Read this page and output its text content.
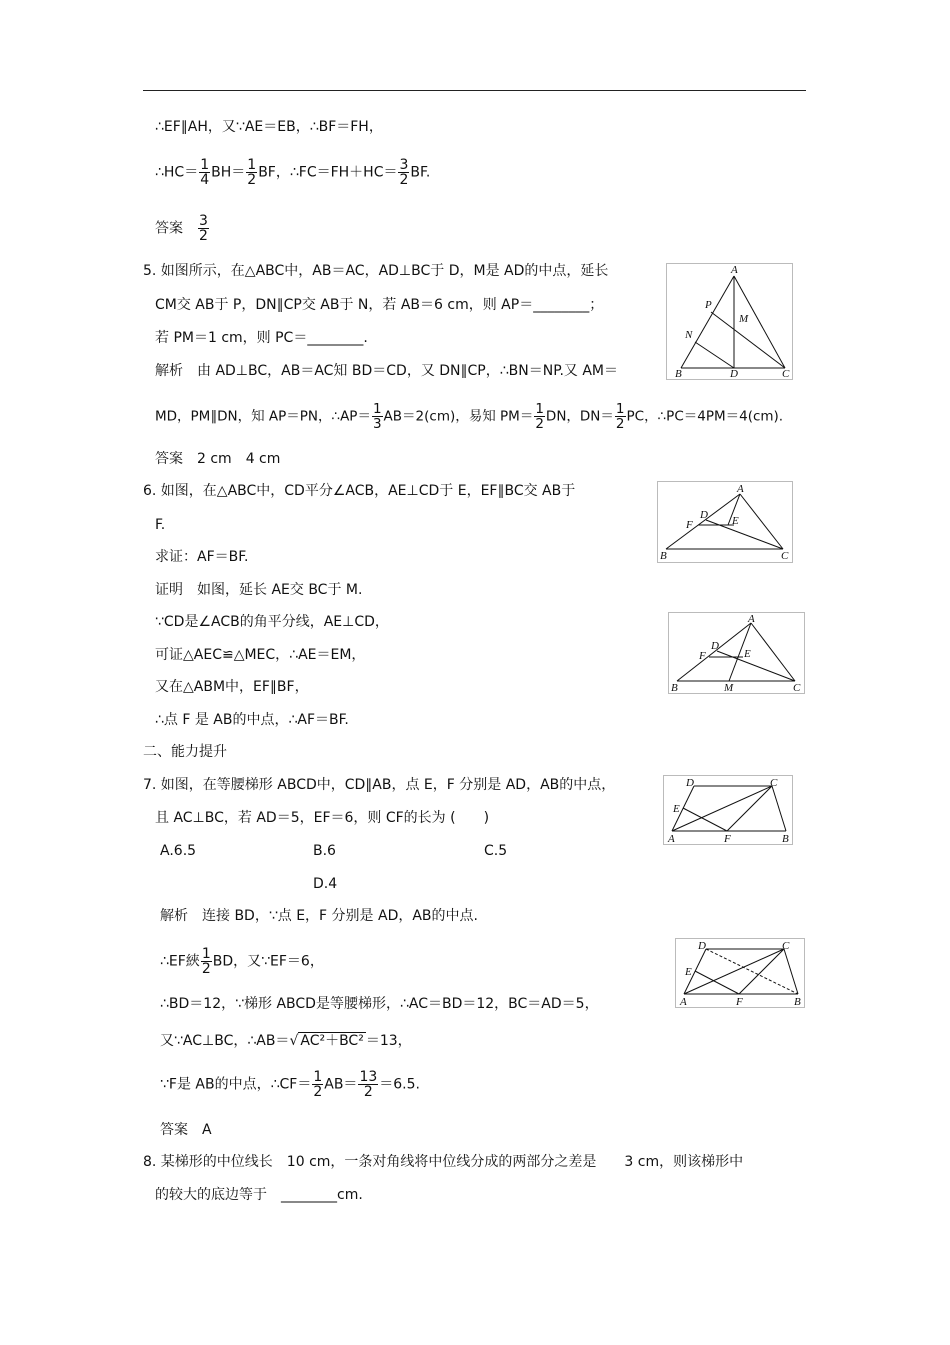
∴EF∥AH，又∵AE＝EB，∴BF＝FH，
∴HC＝ $\frac{1}{4} BH= \frac{1}{2}$ BF，∴FC＝FH＋HC＝ $\frac{3}{2}$ BF.
答案　 $\frac{3}{2}$
5. 如图所示，在△ABC中，AB＝AC，AD⊥BC于 D，M是 AD的中点，延长
CM交 AB于 P，DN∥CP交 AB于 N，若 AB＝6 cm，则 AP＝________；
若 PM＝1 cm，则 PC＝________.
解析　由 AD⊥BC，AB＝AC知 BD＝CD，又 DN∥CP，∴BN＝NP.又 AM＝
MD，PM∥DN，知 AP＝PN，∴AP＝ $\frac{1}{3} AB=2(cm)$，易知 $PM= \frac{1}{2}$ DN，$DN= \frac{1}{2}$ PC，∴PC＝4PM＝4(cm).
答案　2 cm　4 cm
A
P
M
N
B	D	C
6. 如图，在△ABC中，CD平分∠ACB，AE⊥CD于 E，EF∥BC交 AB于
F.
求证：AF＝BF.
证明　如图，延长 AE交 BC于 M.
∵CD是∠ACB的角平分线，AE⊥CD，
可证△AEC≌△MEC，∴AE＝EM，
又在△ABM中，EF∥BF，
∴点 F 是 AB的中点，∴AF＝BF.
A
D
F	E
B	C
A
D
F	E
B	M	C
二、能力提升
7. 如图，在等腰梯形 ABCD中，CD∥AB，点 E，F 分别是 AD，AB的中点，
且 AC⊥BC，若 AD＝5，EF＝6，则 CF的长为 (　　)
A.6.5	B.6	C.5
D.4
解析　连接 BD，∵点 E，F 分别是 AD，AB的中点.
∴EF綊 $\frac{1}{2}$ BD，又∵EF＝6，
∴BD＝12，∵梯形 ABCD是等腰梯形，∴AC＝BD＝12，BC＝AD＝5，
又∵AC⊥BC，∴AB＝√ AC²＋BC² ＝13，
∵F是 AB的中点，∴CF＝ $\frac{1}{2} AB= \frac{13}{2} =6.5$.
答案　A
D	C
E
A	F	B
D	C
E
A	F	B
8. 某梯形的中位线长　10 cm，一条对角线将中位线分成的两部分之差是　　3 cm，则该梯形中
的较大的底边等于　________cm.
